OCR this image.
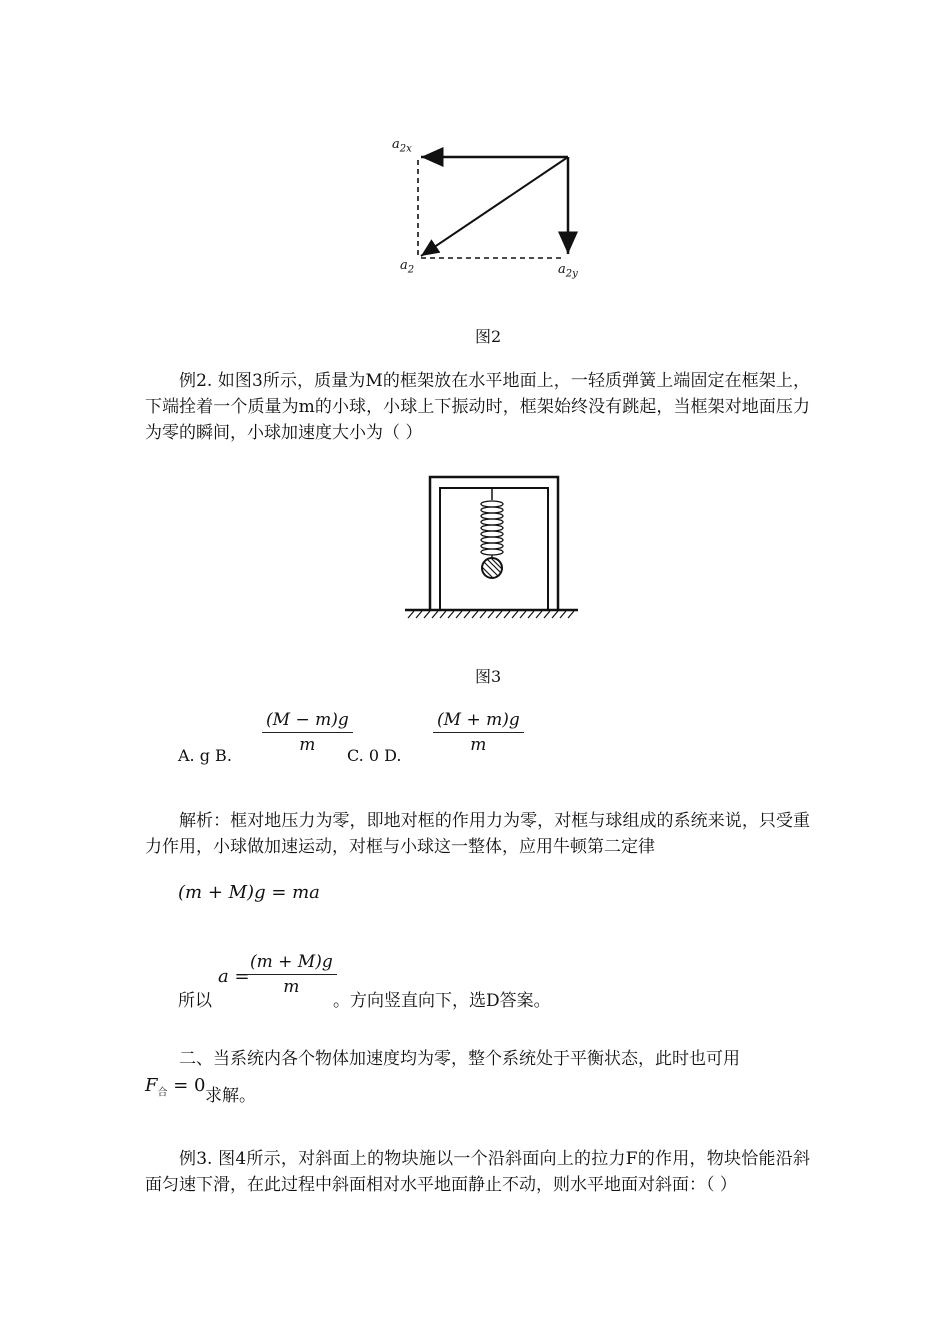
$a_{2x}$
$a_2$	$a_{2y}$
图2

例2. 如图3所示，质量为M的框架放在水平地面上，一轻质弹簧上端固定在框架上，下端拴着一个质量为m的小球，小球上下振动时，框架始终没有跳起，当框架对地面压力为零的瞬间，小球加速度大小为（ ）

图3
A. g B.
$\frac{(M - m)g}{m}$
C. 0 D.
$\frac{(M + m)g}{m}$

解析：框对地压力为零，即地对框的作用力为零，对框与球组成的系统来说，只受重力作用，小球做加速运动，对框与小球这一整体，应用牛顿第二定律

(m + M)g = ma
所以
a =
$\frac{(m + M)g}{m}$
。方向竖直向下，选D答案。

二、当系统内各个物体加速度均为零，整个系统处于平衡状态，此时也可用

$F_合 = 0$ 求解。

例3. 图4所示，对斜面上的物块施以一个沿斜面向上的拉力F的作用，物块恰能沿斜面匀速下滑，在此过程中斜面相对水平地面静止不动，则水平地面对斜面：（ ）
